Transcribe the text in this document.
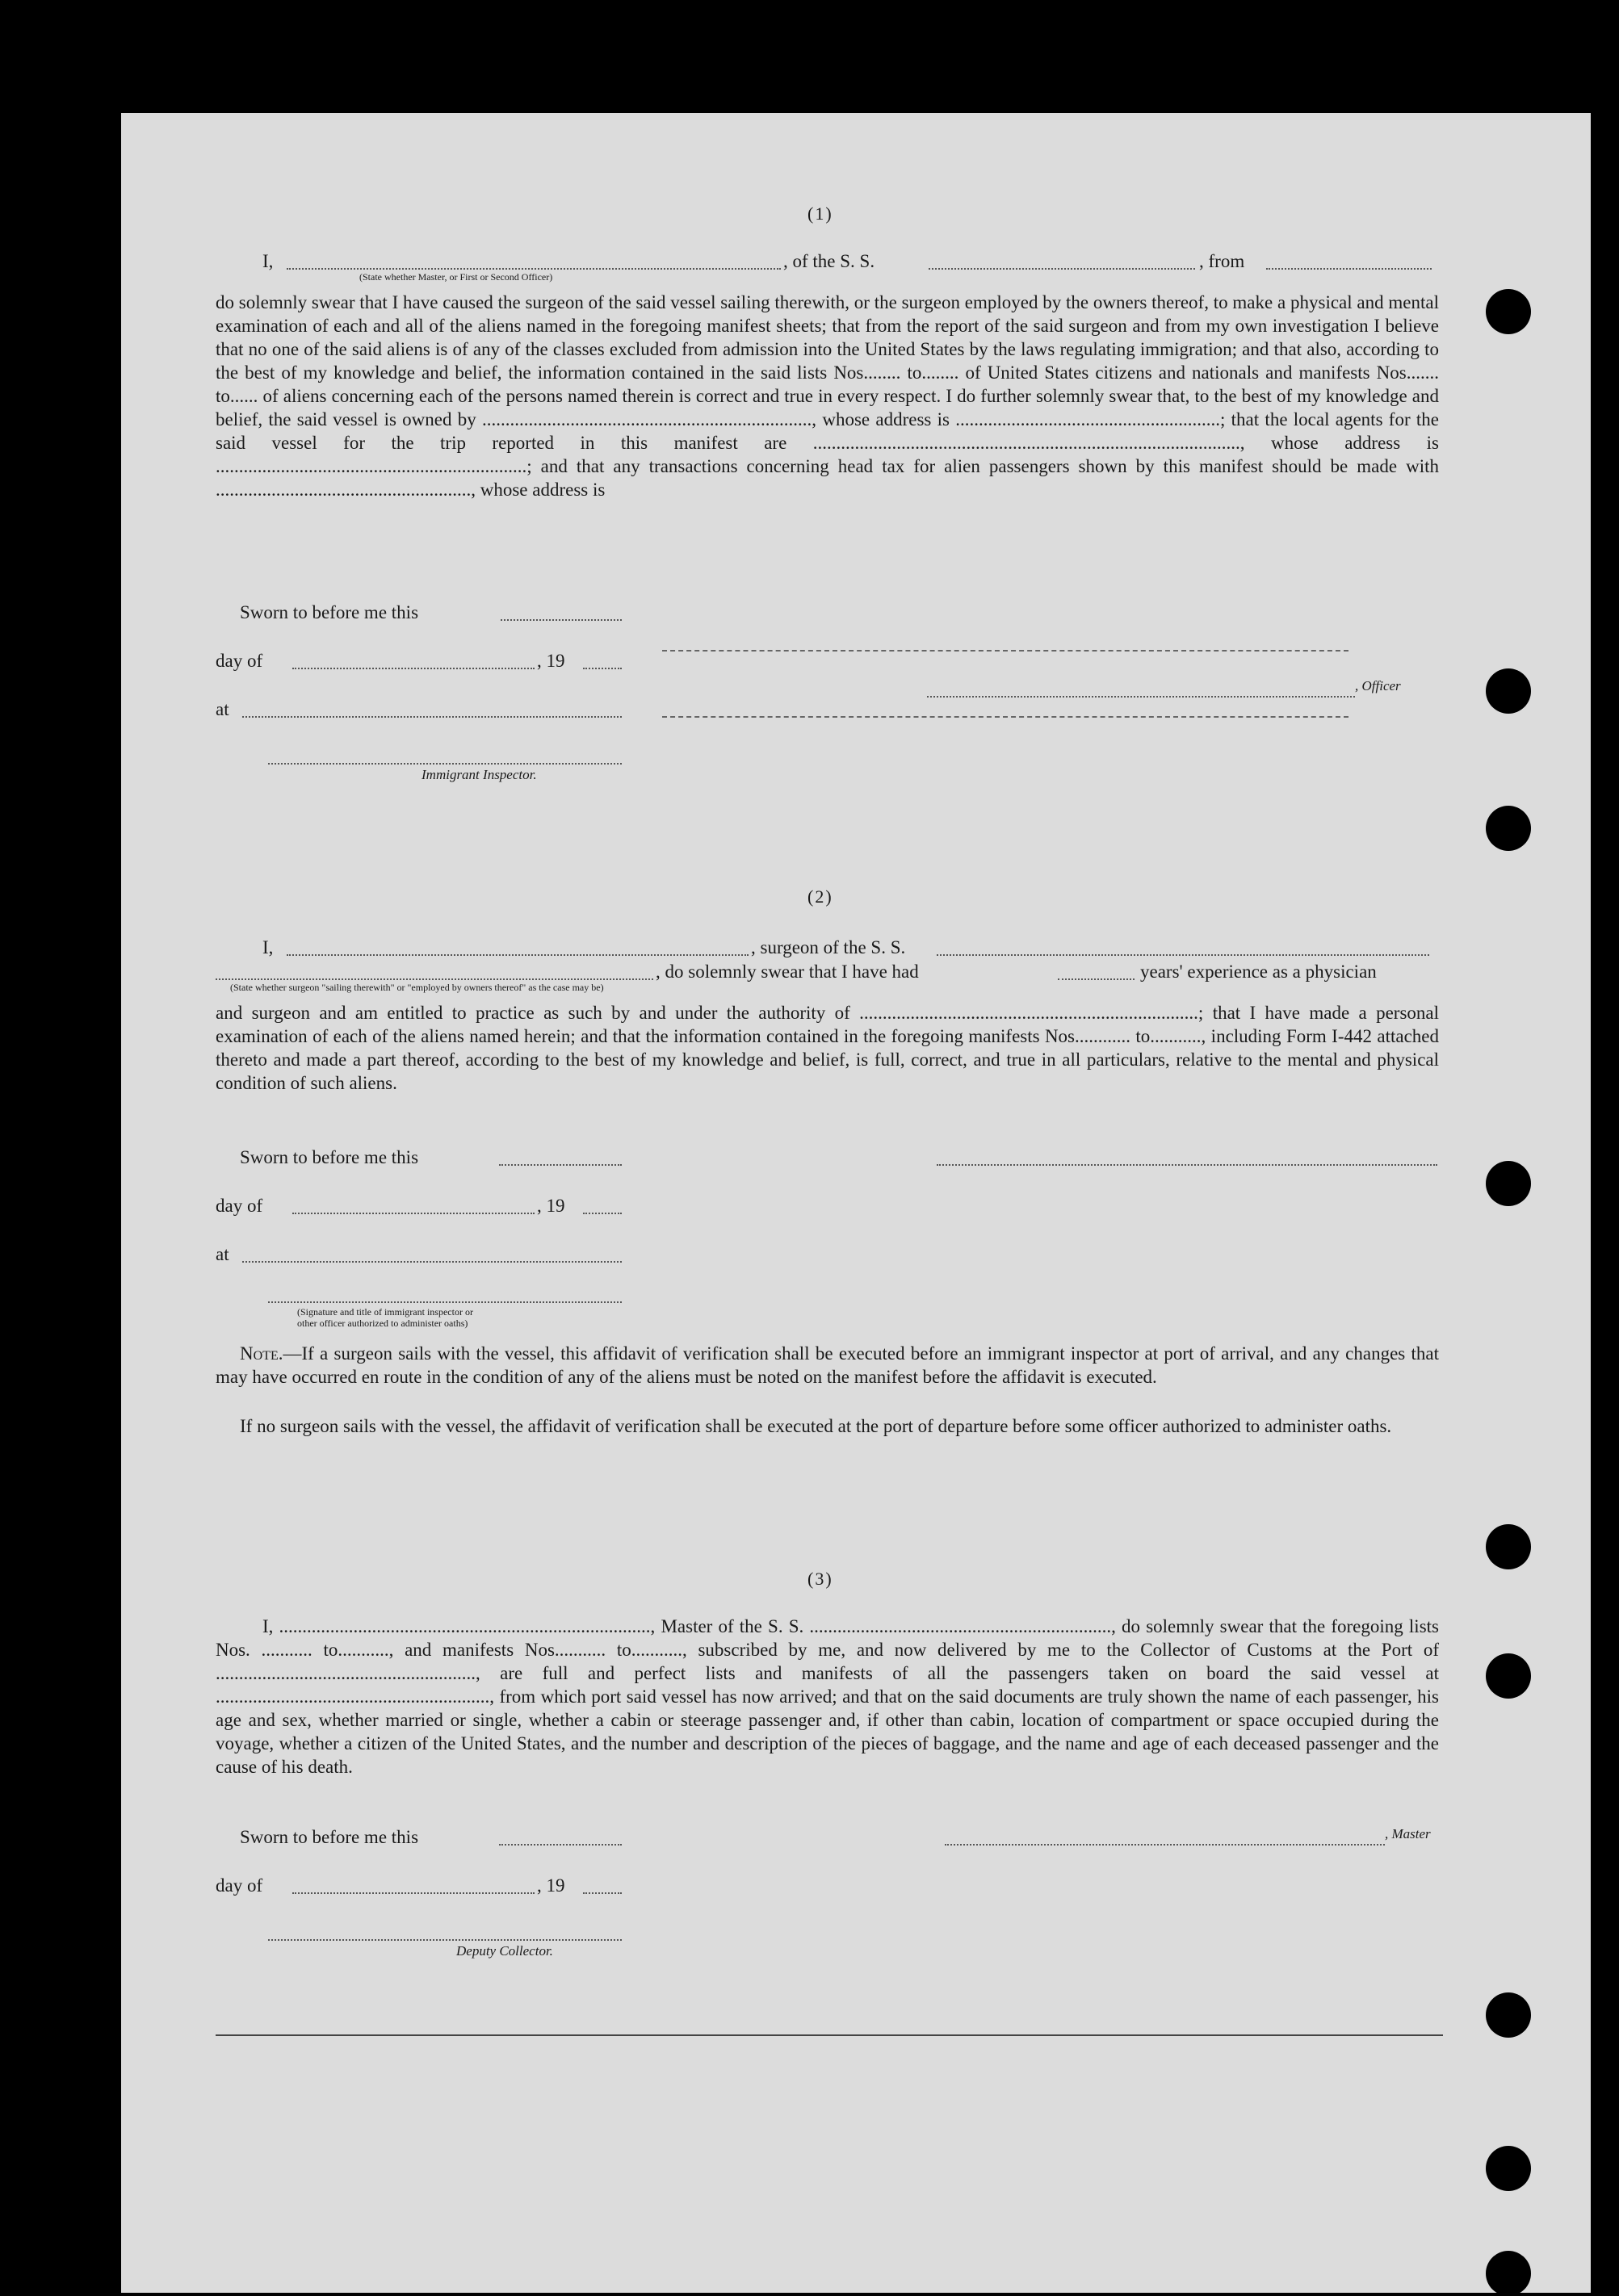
(1)
I,	, of the S. S.	, from
(State whether Master, or First or Second Officer)
do solemnly swear that I have caused the surgeon of the said vessel sailing therewith, or the surgeon employed by the owners thereof, to make a physical and mental examination of each and all of the aliens named in the foregoing manifest sheets; that from the report of the said surgeon and from my own investigation I believe that no one of the said aliens is of any of the classes excluded from admission into the United States by the laws regulating immigration; and that also, according to the best of my knowledge and belief, the information contained in the said lists Nos........ to........ of United States citizens and nationals and manifests Nos....... to...... of aliens concerning each of the persons named therein is correct and true in every respect. I do further solemnly swear that, to the best of my knowledge and belief, the said vessel is owned by ......................................................................., whose address is .........................................................; that the local agents for the said vessel for the trip reported in this manifest are ............................................................................................, whose address is ...................................................................; and that any transactions concerning head tax for alien passengers shown by this manifest should be made with ......................................................., whose address is
Sworn to before me this
day of	, 19
at
Immigrant Inspector.
, Officer
(2)
I,	, surgeon of the S. S.
, do solemnly swear that I have had	years' experience as a physician
(State whether surgeon "sailing therewith" or "employed by owners thereof" as the case may be)
and surgeon and am entitled to practice as such by and under the authority of .........................................................................; that I have made a personal examination of each of the aliens named herein; and that the information contained in the foregoing manifests Nos............ to..........., including Form I-442 attached thereto and made a part thereof, according to the best of my knowledge and belief, is full, correct, and true in all particulars, relative to the mental and physical condition of such aliens.
Sworn to before me this
day of	, 19
at
(Signature and title of immigrant inspector or
other officer authorized to administer oaths)
Note.—If a surgeon sails with the vessel, this affidavit of verification shall be executed before an immigrant inspector at port of arrival, and any changes that may have occurred en route in the condition of any of the aliens must be noted on the manifest before the affidavit is executed.
If no surgeon sails with the vessel, the affidavit of verification shall be executed at the port of departure before some officer authorized to administer oaths.
(3)
I, ................................................................................, Master of the S. S. ................................................................., do solemnly swear that the foregoing lists Nos. ........... to..........., and manifests Nos........... to..........., subscribed by me, and now delivered by me to the Collector of Customs at the Port of ........................................................, are full and perfect lists and manifests of all the passengers taken on board the said vessel at ..........................................................., from which port said vessel has now arrived; and that on the said documents are truly shown the name of each passenger, his age and sex, whether married or single, whether a cabin or steerage passenger and, if other than cabin, location of compartment or space occupied during the voyage, whether a citizen of the United States, and the number and description of the pieces of baggage, and the name and age of each deceased passenger and the cause of his death.
Sworn to before me this	, Master
day of	, 19
Deputy Collector.
